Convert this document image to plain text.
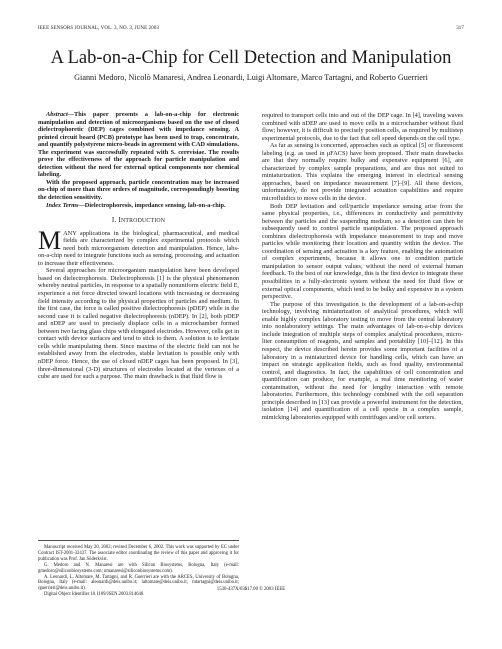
IEEE SENSORS JOURNAL, VOL. 3, NO. 3, JUNE 2003	317
A Lab-on-a-Chip for Cell Detection and Manipulation
Gianni Medoro, Nicolò Manaresi, Andrea Leonardi, Luigi Altomare, Marco Tartagni, and Roberto Guerrieri

Abstract—This paper presents a lab-on-a-chip for electronic manipulation and detection of microorganisms based on the use of closed dielectrophoretic (DEP) cages combined with impedance sensing. A printed circuit board (PCB) prototype has been used to trap, concentrate, and quantify polystyrene micro-beads in agreement with CAD simulations. The experiment was successfully repeated with S. cerevisiae. The results prove the effectiveness of the approach for particle manipulation and detection without the need for external optical components nor chemical labeling.

With the proposed approach, particle concentration may be increased on-chip of more than three orders of magnitude, correspondingly boosting the detection sensitivity.

Index Terms—Dielectrophoresis, impedance sensing, lab-on-a-chip.

I. INTRODUCTION

MANY applications in the biological, pharmaceutical, and medical fields are characterized by complex experimental protocols which need both microorganism detection and manipulation. Hence, labs-on-a-chip need to integrate functions such as sensing, processing, and actuation to increase their effectiveness.

Several approaches for microorganism manipulation have been developed based on dielectrophoresis. Dielectrophoresis [1] is the physical phenomenon whereby neutral particles, in response to a spatially nonuniform electric field E, experience a net force directed toward locations with increasing or decreasing field intensity according to the physical properties of particles and medium. In the first case, the force is called positive dielectrophoresis (pDEP) while in the second case it is called negative dielectrophoresis (nDEP). In [2], both pDEP and nDEP are used to precisely displace cells in a microchamber formed between two facing glass chips with elongated electrodes. However, cells get in contact with device surfaces and tend to stick to them. A solution is to levitate cells while manipulating them. Since maxima of the electric field can not be established away from the electrodes, stable levitation is possible only with nDEP force. Hence, the use of closed nDEP cages has been proposed. In [3], three-dimensional (3-D) structures of electrodes located at the vertexes of a cube are used for such a purpose. The main drawback is that fluid flow is

Manuscript received May 20, 2002; revised December 6, 2002. This work was supported by EC under Contract IST-2001-32437. The associate editor coordinating the review of this paper and approving it for publication was Prof. Jan Söderkvist.

G. Medoro and N. Manaresi are with Silicon Biosystems, Bologna, Italy (e-mail: gmedoro@siliconbiosystems.com; nmanaresi@siliconbiosystems.com).

A. Leonardi, L. Altomare, M. Tartagni, and R. Guerrieri are with the ARCES, University of Bologna, Bologna, Italy (e-mail: aleonardi@deis.unibo.it; laltomare@deis.unibo.it; mtartagni@deis.unibo.it; rguerrieri@deis.unibo.it).

Digital Object Identifier 10.1109/JSEN.2003.814648

required to transport cells into and out of the DEP cage. In [4], traveling waves combined with nDEP are used to move cells in a microchamber without fluid flow; however, it is difficult to precisely position cells, as required by multistep experimental protocols, due to the fact that cell speed depends on the cell type.

As far as sensing is concerned, approaches such as optical [5] or fluorescent labeling (e.g. as used in μFACS) have been proposed. Their main drawbacks are that they normally require bulky and expensive equipment [6], are characterized by complex sample preparations, and are thus not suited to miniaturization. This explains the emerging interest in electrical sensing approaches, based on impedance measurement [7]–[9]. All these devices, unfortunately, do not provide integrated actuation capabilities and require microfluidics to move cells in the device.

Both DEP levitation and cell/particle impedance sensing arise from the same physical properties, i.e., differences in conductivity and permittivity between the particles and the suspending medium, so a detection can then be subsequently used to control particle manipulation. The proposed approach combines dielectrophoresis with impedance measurement to trap and move particles while monitoring their location and quantity within the device. The coordination of sensing and actuation is a key feature, enabling the automation of complex experiments, because it allows one to condition particle manipulation to sensor output values, without the need of external human feedback. To the best of our knowledge, this is the first device to integrate these possibilities in a fully-electronic system without the need for fluid flow or external optical components, which tend to be bulky and expensive in a system perspective.

The purpose of this investigation is the development of a lab-on-a-chip technology, involving miniaturization of analytical procedures, which will enable highly complex laboratory testing to move from the central laboratory into nonlaboratory settings. The main advantages of lab-on-a-chip devices include integration of multiple steps of complex analytical procedures, micro-liter consumption of reagents, and samples and portability [10]–[12]. In this respect, the device described herein provides some important facilities of a laboratory in a miniaturized device for handling cells, which can have an impact on strategic application fields, such as food quality, environmental control, and diagnostics. In fact, the capabilities of cell concentration and quantification can produce, for example, a real time monitoring of water contamination, without the need for lengthy interaction with remote laboratories. Furthermore, this technology combined with the cell separation principle described in [13] can provide a powerful instrument for the detection, isolation [14] and quantification of a cell specie in a complex sample, mimicking laboratories equipped with centrifuges and/or cell sorters.

1530-437X/03$17.00 © 2003 IEEE
